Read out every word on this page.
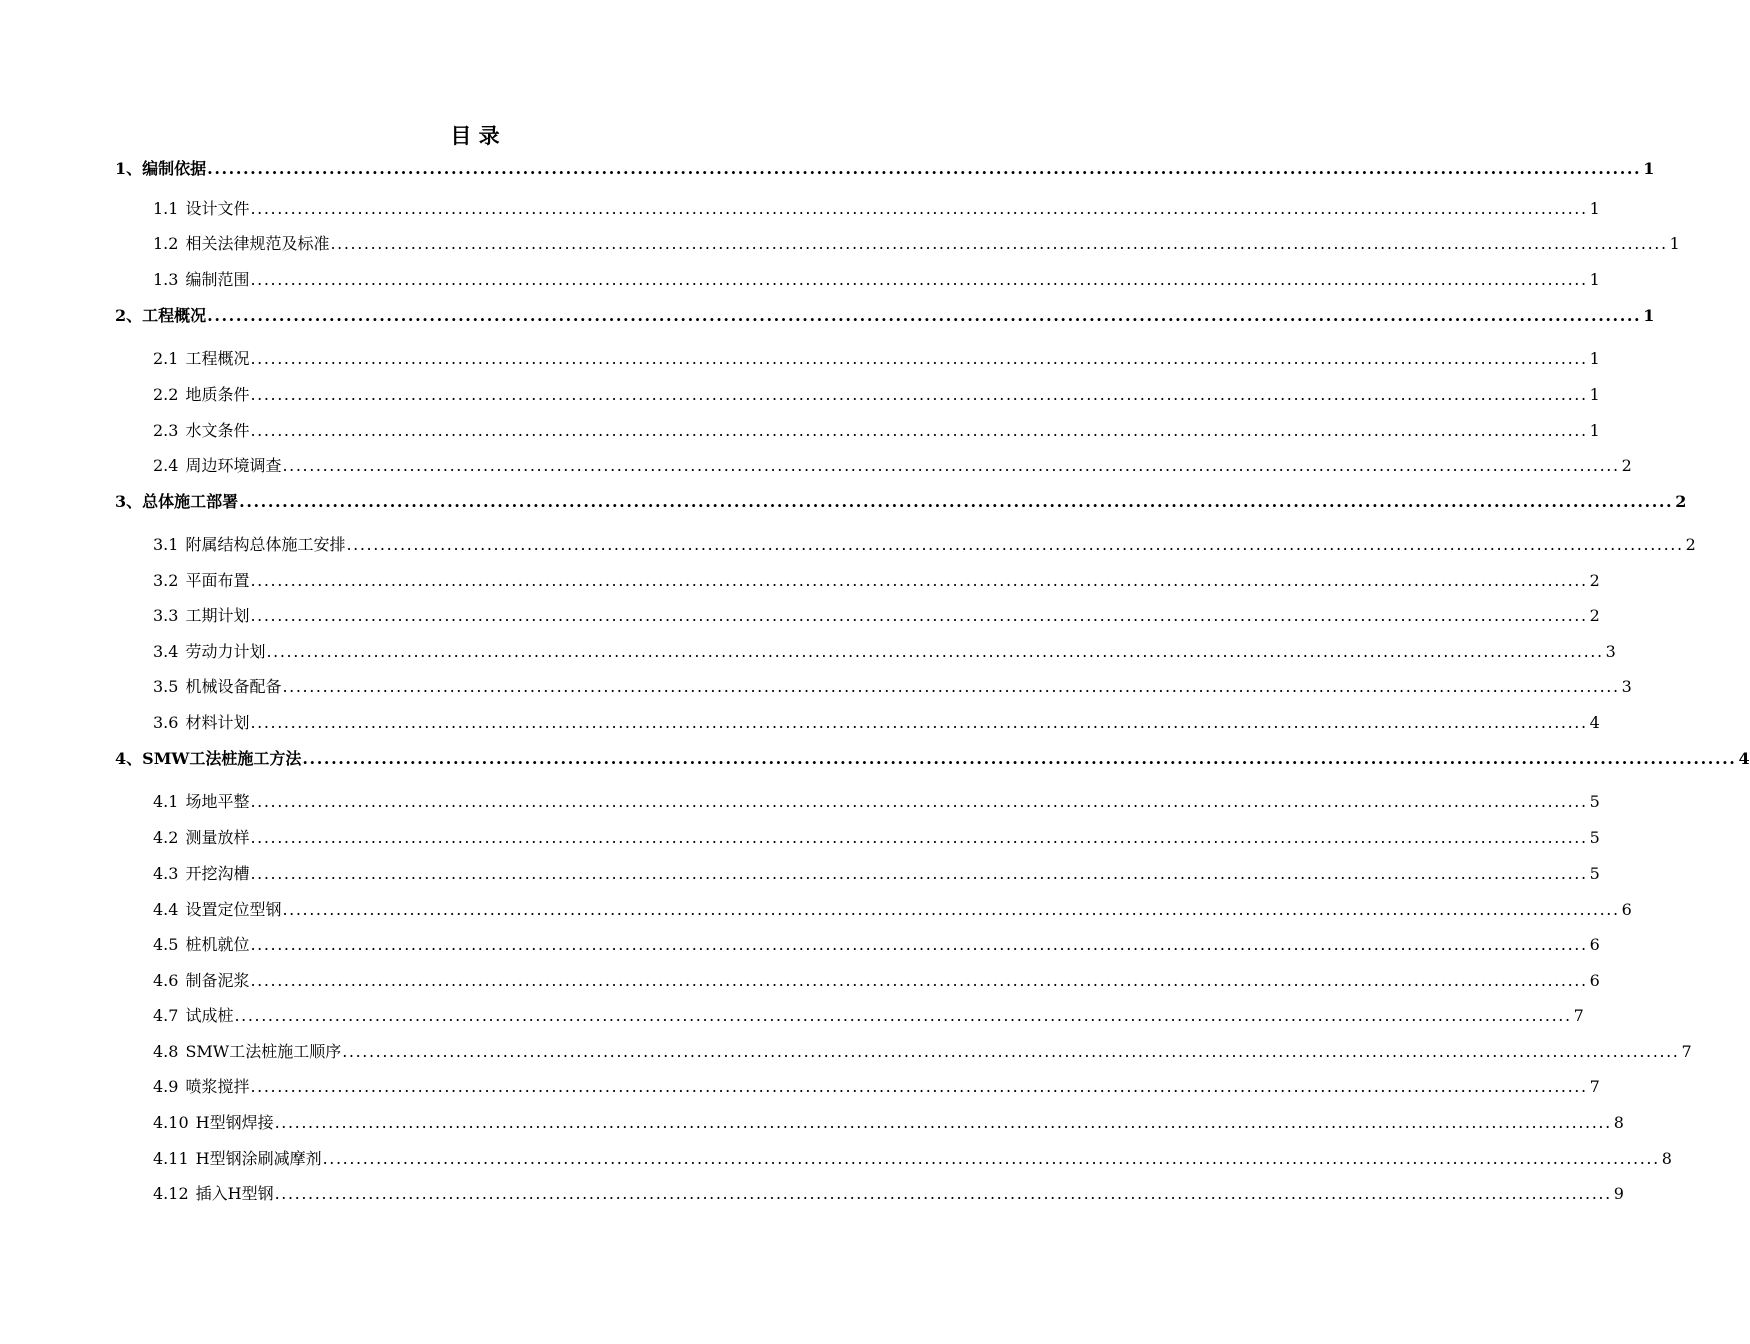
目 录
1、编制依据 ........................................................................................................................................................................................................ 1
1.1 设计文件 ........................................................................................................................................................................................................ 1
1.2 相关法律规范及标准 ........................................................................................................................................................................................................ 1
1.3 编制范围 ........................................................................................................................................................................................................ 1
2、工程概况 ........................................................................................................................................................................................................ 1
2.1 工程概况 ........................................................................................................................................................................................................ 1
2.2 地质条件 ........................................................................................................................................................................................................ 1
2.3 水文条件 ........................................................................................................................................................................................................ 1
2.4 周边环境调查 ........................................................................................................................................................................................................ 2
3、总体施工部署 ........................................................................................................................................................................................................ 2
3.1 附属结构总体施工安排 ........................................................................................................................................................................................................ 2
3.2 平面布置 ........................................................................................................................................................................................................ 2
3.3 工期计划 ........................................................................................................................................................................................................ 2
3.4 劳动力计划 ........................................................................................................................................................................................................ 3
3.5 机械设备配备 ........................................................................................................................................................................................................ 3
3.6 材料计划 ........................................................................................................................................................................................................ 4
4、SMW工法桩施工方法 ........................................................................................................................................................................................................ 4
4.1 场地平整 ........................................................................................................................................................................................................ 5
4.2 测量放样 ........................................................................................................................................................................................................ 5
4.3 开挖沟槽 ........................................................................................................................................................................................................ 5
4.4 设置定位型钢 ........................................................................................................................................................................................................ 6
4.5 桩机就位 ........................................................................................................................................................................................................ 6
4.6 制备泥浆 ........................................................................................................................................................................................................ 6
4.7 试成桩 ........................................................................................................................................................................................................ 7
4.8 SMW工法桩施工顺序 ........................................................................................................................................................................................................ 7
4.9 喷浆搅拌 ........................................................................................................................................................................................................ 7
4.10 H型钢焊接 ........................................................................................................................................................................................................ 8
4.11 H型钢涂刷减摩剂 ........................................................................................................................................................................................................ 8
4.12 插入H型钢 ........................................................................................................................................................................................................ 9
